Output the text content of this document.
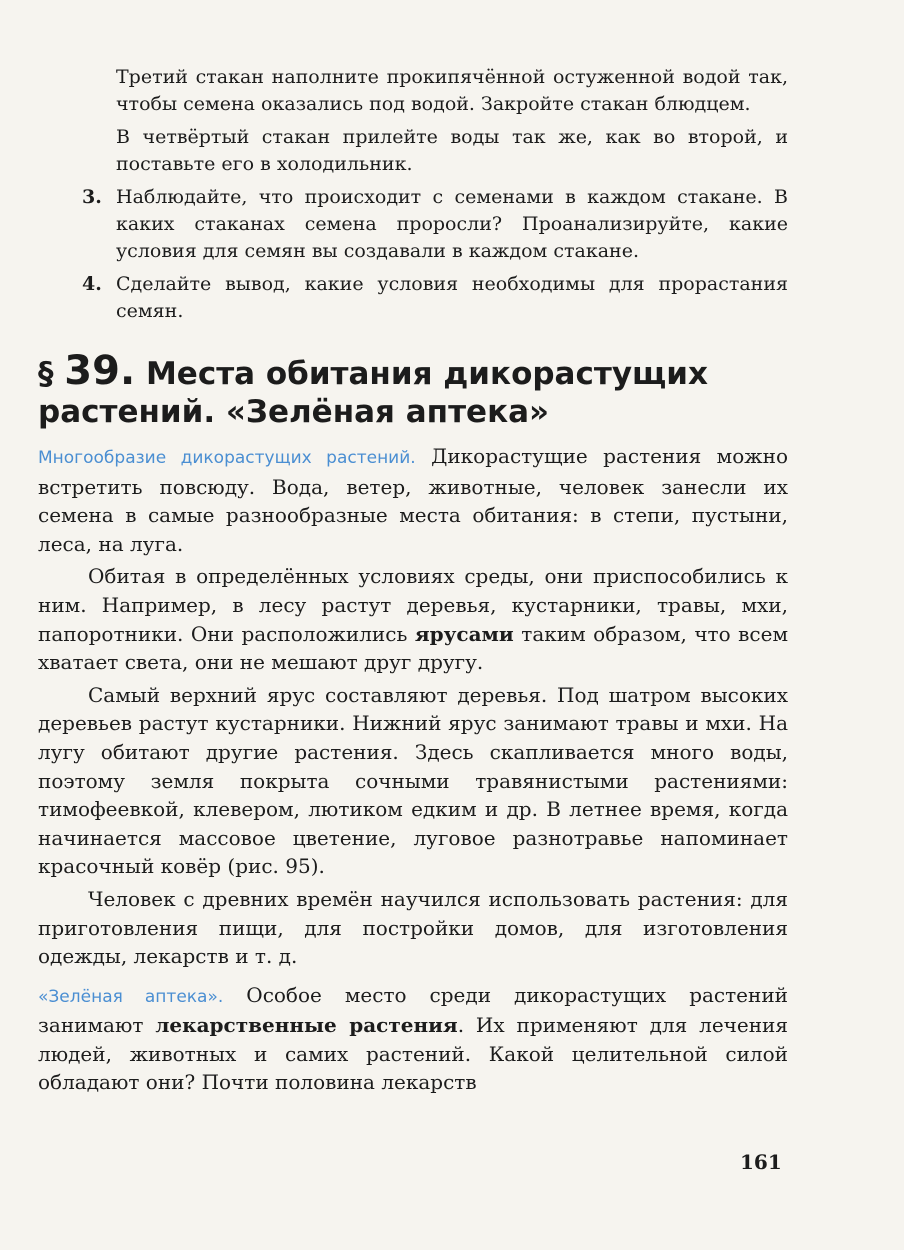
Третий стакан наполните прокипячённой остуженной водой так, чтобы семена оказались под водой. Закройте стакан блюдцем.

В четвёртый стакан прилейте воды так же, как во второй, и поставьте его в холодильник.

3. Наблюдайте, что происходит с семенами в каждом стакане. В каких стаканах семена проросли? Проанализируйте, какие условия для семян вы создавали в каждом стакане.

4. Сделайте вывод, какие условия необходимы для прорастания семян.

§ 39. Места обитания дикорастущих растений. «Зелёная аптека»

Многообразие дикорастущих растений. Дикорастущие растения можно встретить повсюду. Вода, ветер, животные, человек занесли их семена в самые разнообразные места обитания: в степи, пустыни, леса, на луга.

Обитая в определённых условиях среды, они приспособились к ним. Например, в лесу растут деревья, кустарники, травы, мхи, папоротники. Они расположились ярусами таким образом, что всем хватает света, они не мешают друг другу.

Самый верхний ярус составляют деревья. Под шатром высоких деревьев растут кустарники. Нижний ярус занимают травы и мхи. На лугу обитают другие растения. Здесь скапливается много воды, поэтому земля покрыта сочными травянистыми растениями: тимофеевкой, клевером, лютиком едким и др. В летнее время, когда начинается массовое цветение, луговое разнотравье напоминает красочный ковёр (рис. 95).

Человек с древних времён научился использовать растения: для приготовления пищи, для постройки домов, для изготовления одежды, лекарств и т. д.

«Зелёная аптека». Особое место среди дикорастущих растений занимают лекарственные растения. Их применяют для лечения людей, животных и самих растений. Какой целительной силой обладают они? Почти половина лекарств

161
